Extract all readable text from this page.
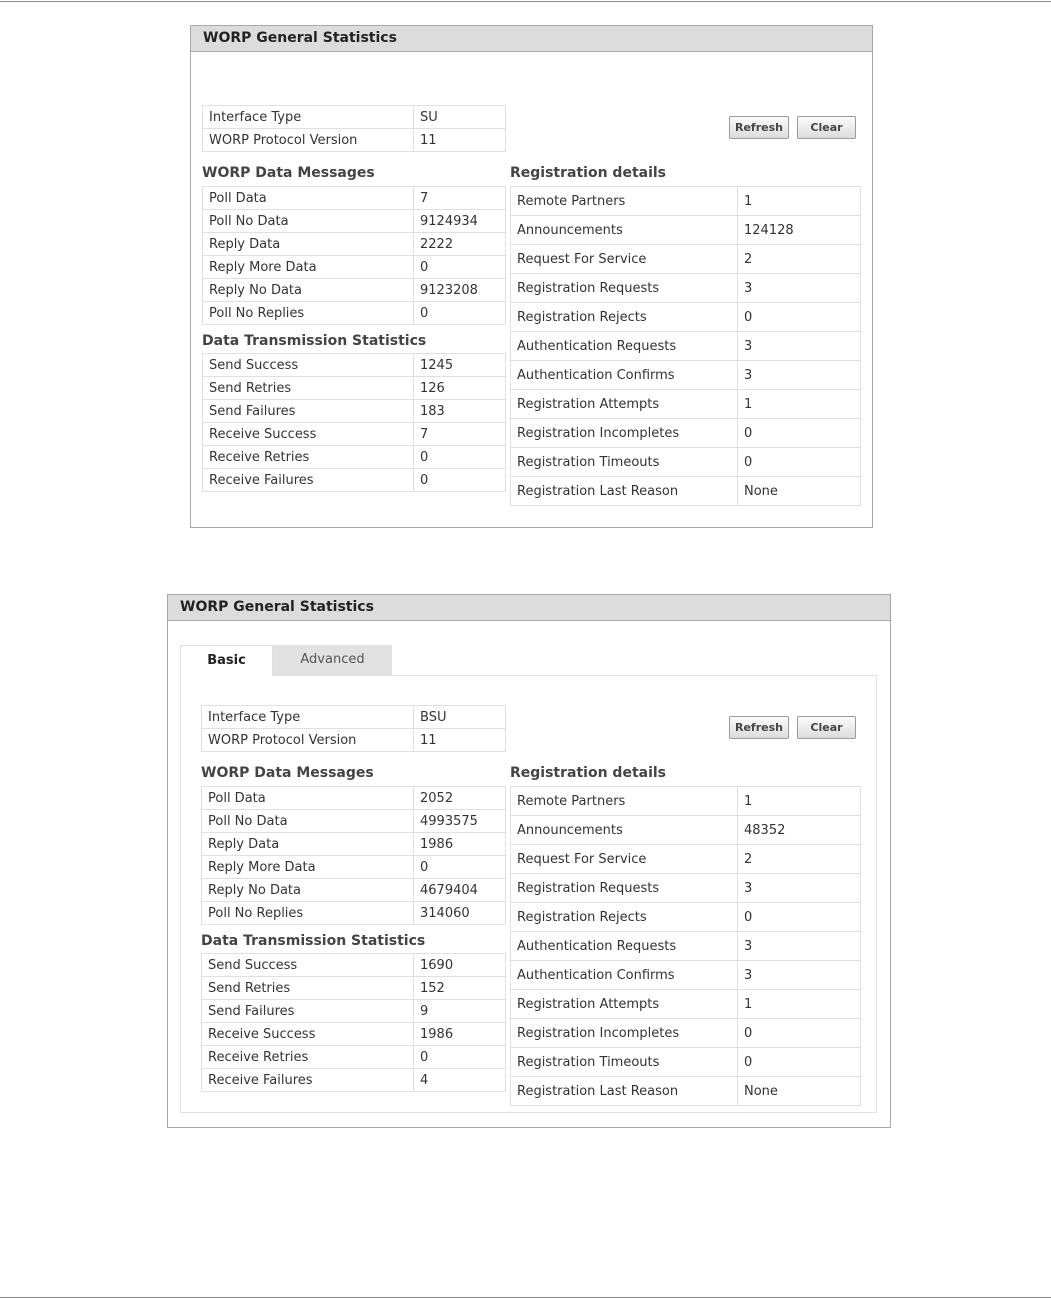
WORP General Statistics
Interface Type	SU
WORP Protocol Version	11
Refresh	Clear
WORP Data Messages
Poll Data	7
Poll No Data	9124934
Reply Data	2222
Reply More Data	0
Reply No Data	9123208
Poll No Replies	0
Data Transmission Statistics
Send Success	1245
Send Retries	126
Send Failures	183
Receive Success	7
Receive Retries	0
Receive Failures	0
Registration details
Remote Partners	1
Announcements	124128
Request For Service	2
Registration Requests	3
Registration Rejects	0
Authentication Requests	3
Authentication Confirms	3
Registration Attempts	1
Registration Incompletes	0
Registration Timeouts	0
Registration Last Reason	None
WORP General Statistics
Basic	Advanced
Interface Type	BSU
WORP Protocol Version	11
Refresh	Clear
WORP Data Messages
Poll Data	2052
Poll No Data	4993575
Reply Data	1986
Reply More Data	0
Reply No Data	4679404
Poll No Replies	314060
Data Transmission Statistics
Send Success	1690
Send Retries	152
Send Failures	9
Receive Success	1986
Receive Retries	0
Receive Failures	4
Registration details
Remote Partners	1
Announcements	48352
Request For Service	2
Registration Requests	3
Registration Rejects	0
Authentication Requests	3
Authentication Confirms	3
Registration Attempts	1
Registration Incompletes	0
Registration Timeouts	0
Registration Last Reason	None
